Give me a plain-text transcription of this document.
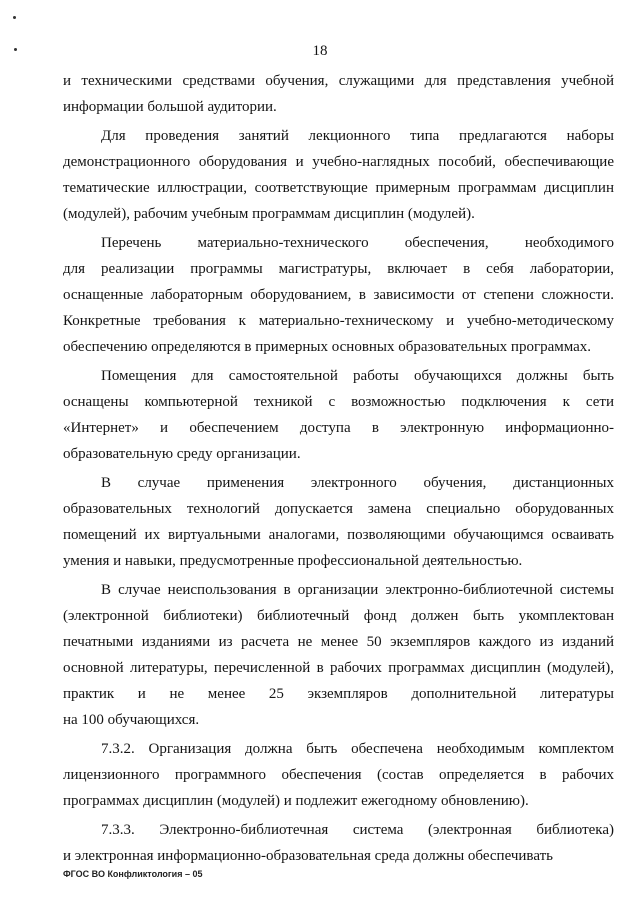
18
и техническими средствами обучения, служащими для представления учебной
информации большой аудитории.
Для проведения занятий лекционного типа предлагаются наборы
демонстрационного оборудования и учебно-наглядных пособий, обеспечивающие
тематические иллюстрации, соответствующие примерным программам дисциплин
(модулей), рабочим учебным программам дисциплин (модулей).
Перечень материально-технического обеспечения, необходимого
для реализации программы магистратуры, включает в себя лаборатории,
оснащенные лабораторным оборудованием, в зависимости от степени сложности.
Конкретные требования к материально-техническому и учебно-методическому
обеспечению определяются в примерных основных образовательных программах.
Помещения для самостоятельной работы обучающихся должны быть
оснащены компьютерной техникой с возможностью подключения к сети
«Интернет» и обеспечением доступа в электронную информационно-
образовательную среду организации.
В случае применения электронного обучения, дистанционных
образовательных технологий допускается замена специально оборудованных
помещений их виртуальными аналогами, позволяющими обучающимся осваивать
умения и навыки, предусмотренные профессиональной деятельностью.
В случае неиспользования в организации электронно-библиотечной системы
(электронной библиотеки) библиотечный фонд должен быть укомплектован
печатными изданиями из расчета не менее 50 экземпляров каждого из изданий
основной литературы, перечисленной в рабочих программах дисциплин (модулей),
практик и не менее 25 экземпляров дополнительной литературы
на 100 обучающихся.
7.3.2. Организация должна быть обеспечена необходимым комплектом
лицензионного программного обеспечения (состав определяется в рабочих
программах дисциплин (модулей) и подлежит ежегодному обновлению).
7.3.3. Электронно-библиотечная система (электронная библиотека)
и электронная информационно-образовательная среда должны обеспечивать
ФГОС ВО Конфликтология – 05
